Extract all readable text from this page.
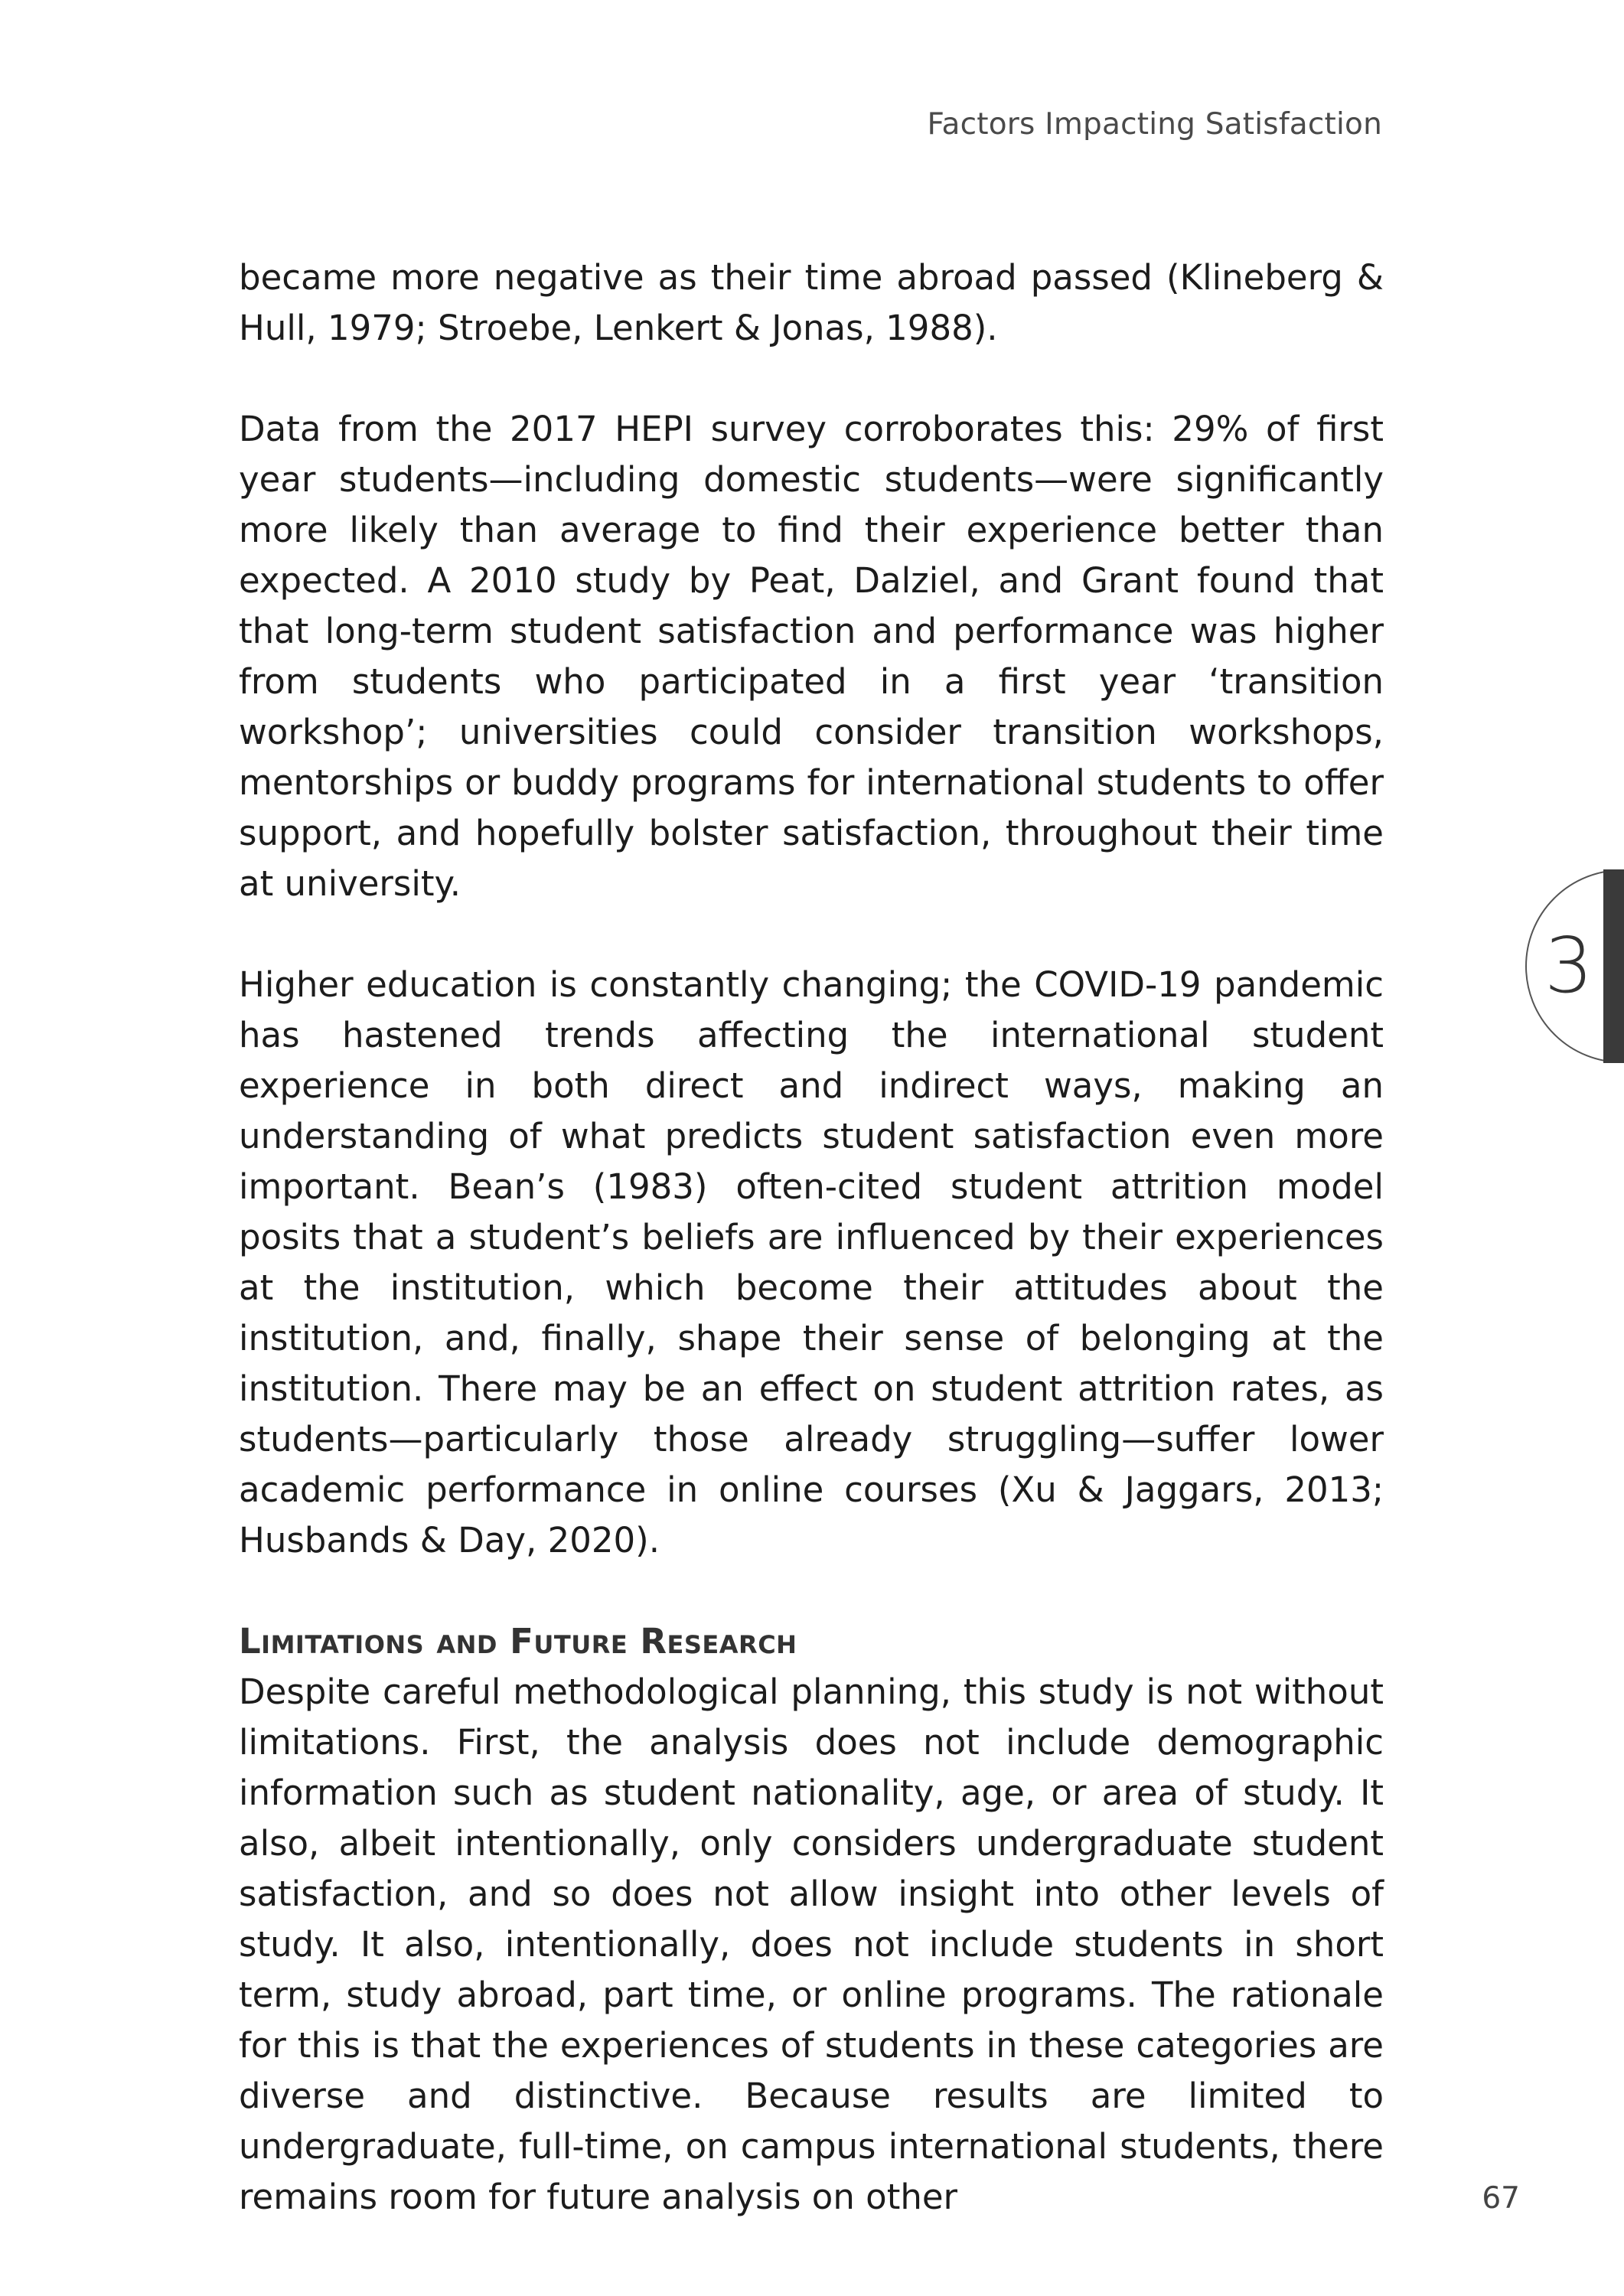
Factors Impacting Satisfaction

became more negative as their time abroad passed (Klineberg & Hull, 1979; Stroebe, Lenkert & Jonas, 1988).

Data from the 2017 HEPI survey corroborates this: 29% of first year students—including domestic students—were significantly more likely than average to find their experience better than expected. A 2010 study by Peat, Dalziel, and Grant found that that long-term student satisfaction and performance was higher from students who participated in a first year ‘transition workshop’; universities could consider transition workshops, mentorships or buddy programs for international students to offer support, and hopefully bolster satisfaction, throughout their time at university.

Higher education is constantly changing; the COVID-19 pandemic has hastened trends affecting the international student experience in both direct and indirect ways, making an understanding of what predicts student satisfaction even more important. Bean’s (1983) often-cited student attrition model posits that a student’s beliefs are influenced by their experiences at the institution, which become their attitudes about the institution, and, finally, shape their sense of belonging at the institution. There may be an effect on student attrition rates, as students—particularly those already struggling—suffer lower academic performance in online courses (Xu & Jaggars, 2013; Husbands & Day, 2020).

Limitations and Future Research

Despite careful methodological planning, this study is not without limitations. First, the analysis does not include demographic information such as student nationality, age, or area of study. It also, albeit intentionally, only considers undergraduate student satisfaction, and so does not allow insight into other levels of study. It also, intentionally, does not include students in short term, study abroad, part time, or online programs. The rationale for this is that the experiences of students in these categories are diverse and distinctive. Because results are limited to undergraduate, full-time, on campus international students, there remains room for future analysis on other

3
67
